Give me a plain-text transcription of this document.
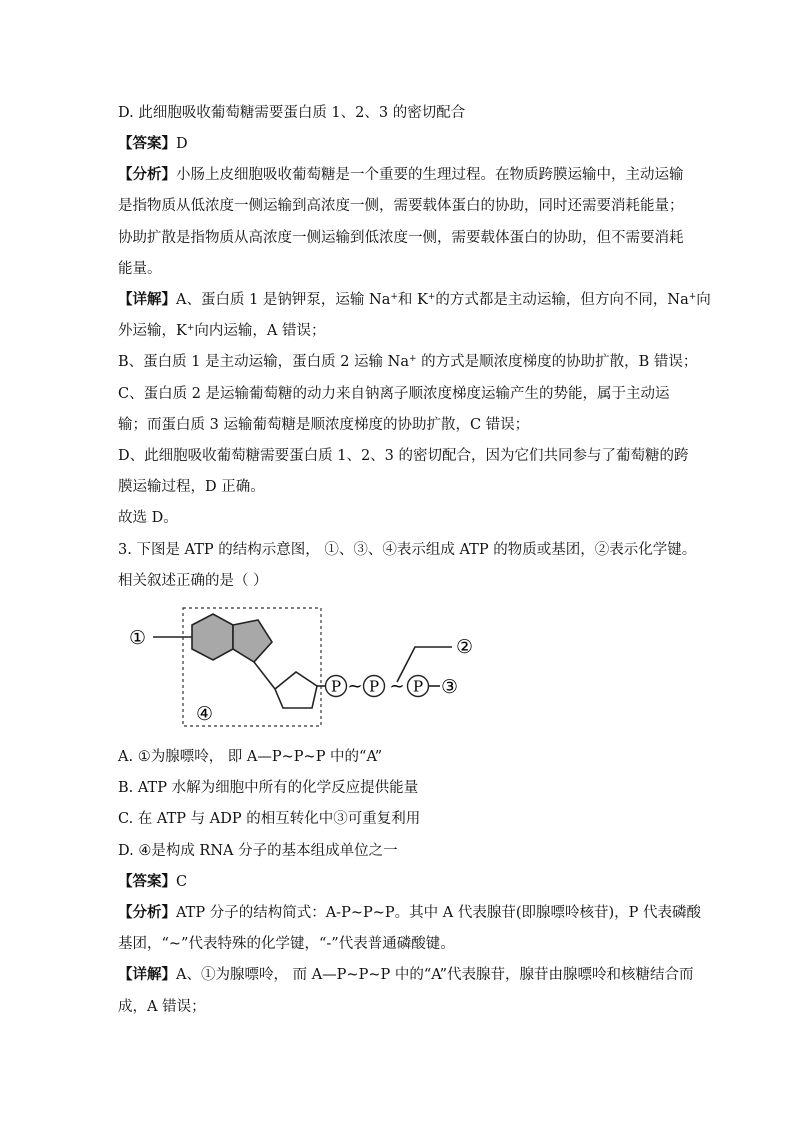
D. 此细胞吸收葡萄糖需要蛋白质 1、2、3 的密切配合
【答案】D
【分析】小肠上皮细胞吸收葡萄糖是一个重要的生理过程。在物质跨膜运输中，主动运输
是指物质从低浓度一侧运输到高浓度一侧，需要载体蛋白的协助，同时还需要消耗能量；
协助扩散是指物质从高浓度一侧运输到低浓度一侧，需要载体蛋白的协助，但不需要消耗
能量。
【详解】A、蛋白质 1 是钠钾泵，运输 Na+和 K+的方式都是主动运输，但方向不同，Na+向
外运输，K+向内运输，A 错误；
B、蛋白质 1 是主动运输，蛋白质 2 运输 Na+ 的方式是顺浓度梯度的协助扩散，B 错误；
C、蛋白质 2 是运输葡萄糖的动力来自钠离子顺浓度梯度运输产生的势能，属于主动运
输；而蛋白质 3 运输葡萄糖是顺浓度梯度的协助扩散，C 错误；
D、此细胞吸收葡萄糖需要蛋白质 1、2、3 的密切配合，因为它们共同参与了葡萄糖的跨
膜运输过程，D 正确。
故选 D。
3. 下图是 ATP 的结构示意图， ①、③、④表示组成 ATP 的物质或基团，②表示化学键。
相关叙述正确的是（ ）
①
P ~ P ~
②
P ③
④
A. ①为腺嘌呤， 即 A—P~P~P 中的“A”
B. ATP 水解为细胞中所有的化学反应提供能量
C. 在 ATP 与 ADP 的相互转化中③可重复利用
D. ④是构成 RNA 分子的基本组成单位之一
【答案】C
【分析】ATP 分子的结构简式：A-P~P~P。其中 A 代表腺苷(即腺嘌呤核苷)，P 代表磷酸
基团，“~”代表特殊的化学键，“-”代表普通磷酸键。
【详解】A、①为腺嘌呤， 而 A—P~P~P 中的“A”代表腺苷，腺苷由腺嘌呤和核糖结合而
成，A 错误；
